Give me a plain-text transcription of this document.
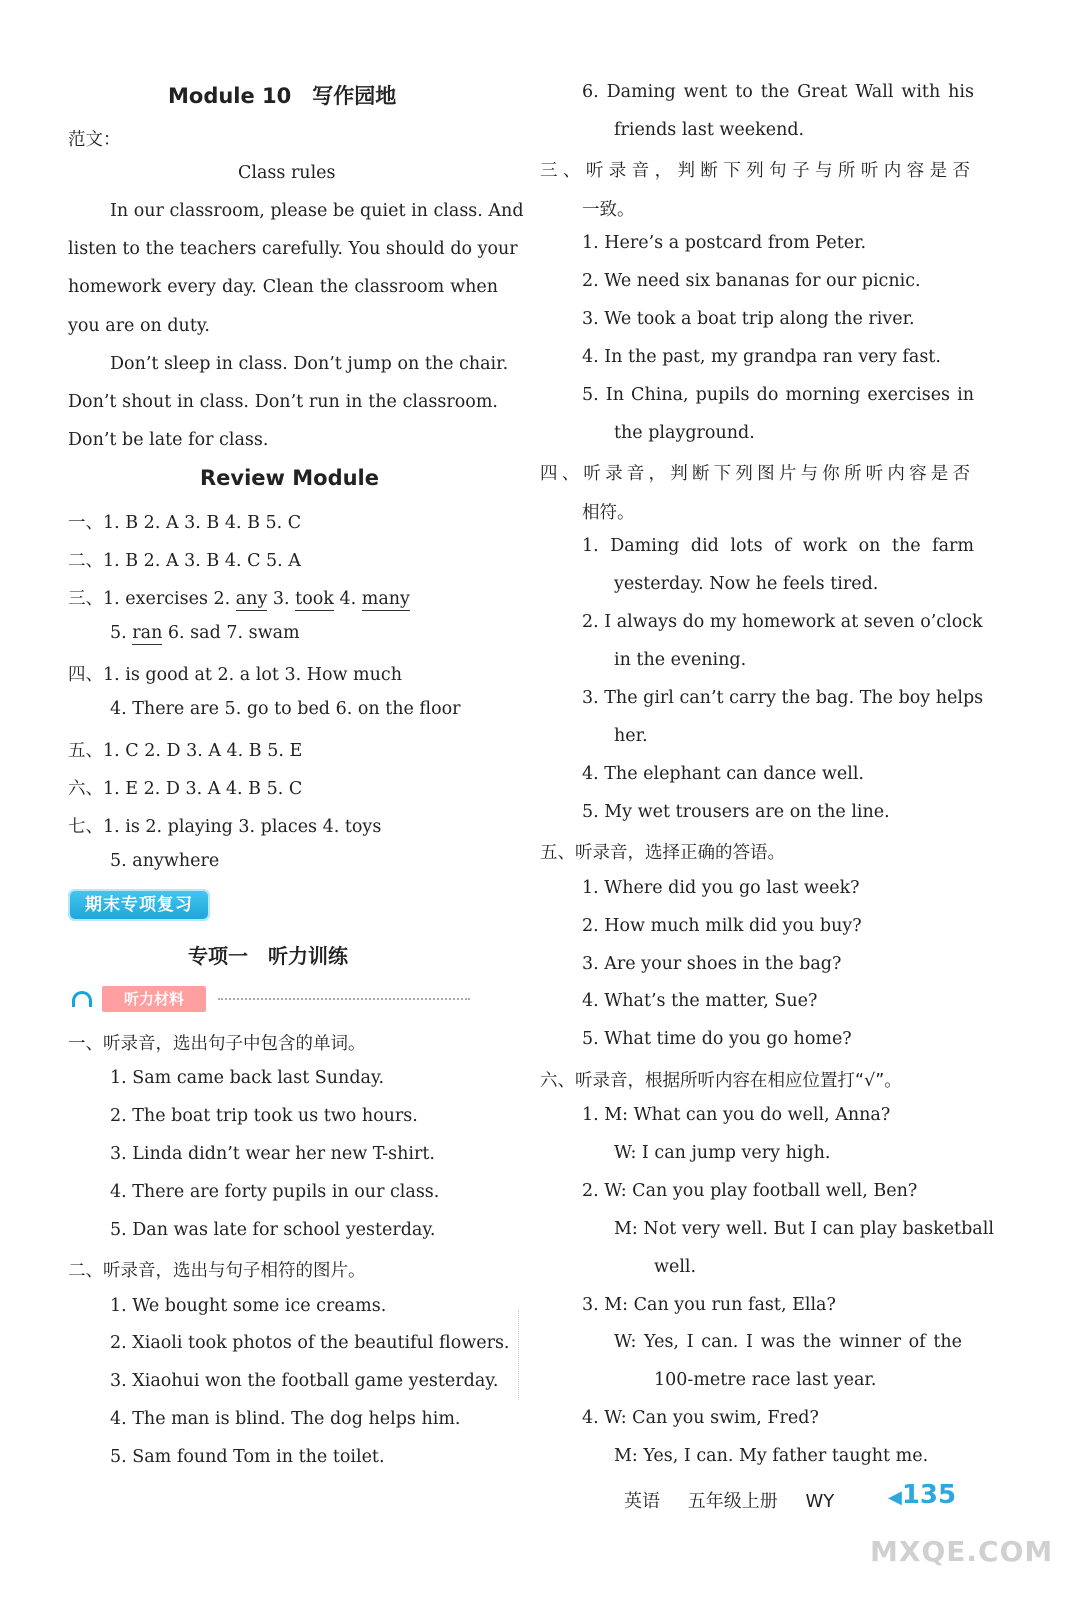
Module 10　写作园地
范文：
Class rules
In our classroom, please be quiet in class. And
listen to the teachers carefully. You should do your
homework every day. Clean the classroom when
you are on duty.
Don’t sleep in class. Don’t jump on the chair.
Don’t shout in class. Don’t run in the classroom.
Don’t be late for class.
Review Module
一、1. B 2. A 3. B 4. B 5. C
二、1. B 2. A 3. B 4. C 5. A
三、1. exercises 2. any 3. took 4. many
5. ran 6. sad 7. swam
四、1. is good at 2. a lot 3. How much
4. There are 5. go to bed 6. on the floor
五、1. C 2. D 3. A 4. B 5. E
六、1. E 2. D 3. A 4. B 5. C
七、1. is 2. playing 3. places 4. toys
5. anywhere
专项一　听力训练
一、听录音，选出句子中包含的单词。
1. Sam came back last Sunday.
2. The boat trip took us two hours.
3. Linda didn’t wear her new T-shirt.
4. There are forty pupils in our class.
5. Dan was late for school yesterday.
二、听录音，选出与句子相符的图片。
1. We bought some ice creams.
2. Xiaoli took photos of the beautiful flowers.
3. Xiaohui won the football game yesterday.
4. The man is blind. The dog helps him.
5. Sam found Tom in the toilet.
期末专项复习
听力材料
6. Daming went to the Great Wall with his
friends last weekend.
三、听录音，判断下列句子与所听内容是否
一致。
1. Here’s a postcard from Peter.
2. We need six bananas for our picnic.
3. We took a boat trip along the river.
4. In the past, my grandpa ran very fast.
5. In China, pupils do morning exercises in
the playground.
四、听录音，判断下列图片与你所听内容是否
相符。
1. Daming did lots of work on the farm
yesterday. Now he feels tired.
2. I always do my homework at seven o’clock
in the evening.
3. The girl can’t carry the bag. The boy helps
her.
4. The elephant can dance well.
5. My wet trousers are on the line.
五、听录音，选择正确的答语。
1. Where did you go last week?
2. How much milk did you buy?
3. Are your shoes in the bag?
4. What’s the matter, Sue?
5. What time do you go home?
六、听录音，根据所听内容在相应位置打“√”。
1. M: What can you do well, Anna?
W: I can jump very high.
2. W: Can you play football well, Ben?
M: Not very well. But I can play basketball
well.
3. M: Can you run fast, Ella?
W: Yes, I can. I was the winner of the
100-metre race last year.
4. W: Can you swim, Fred?
M: Yes, I can. My father taught me.
英语 五年级上册 WY	◀135
MXQE.COM
